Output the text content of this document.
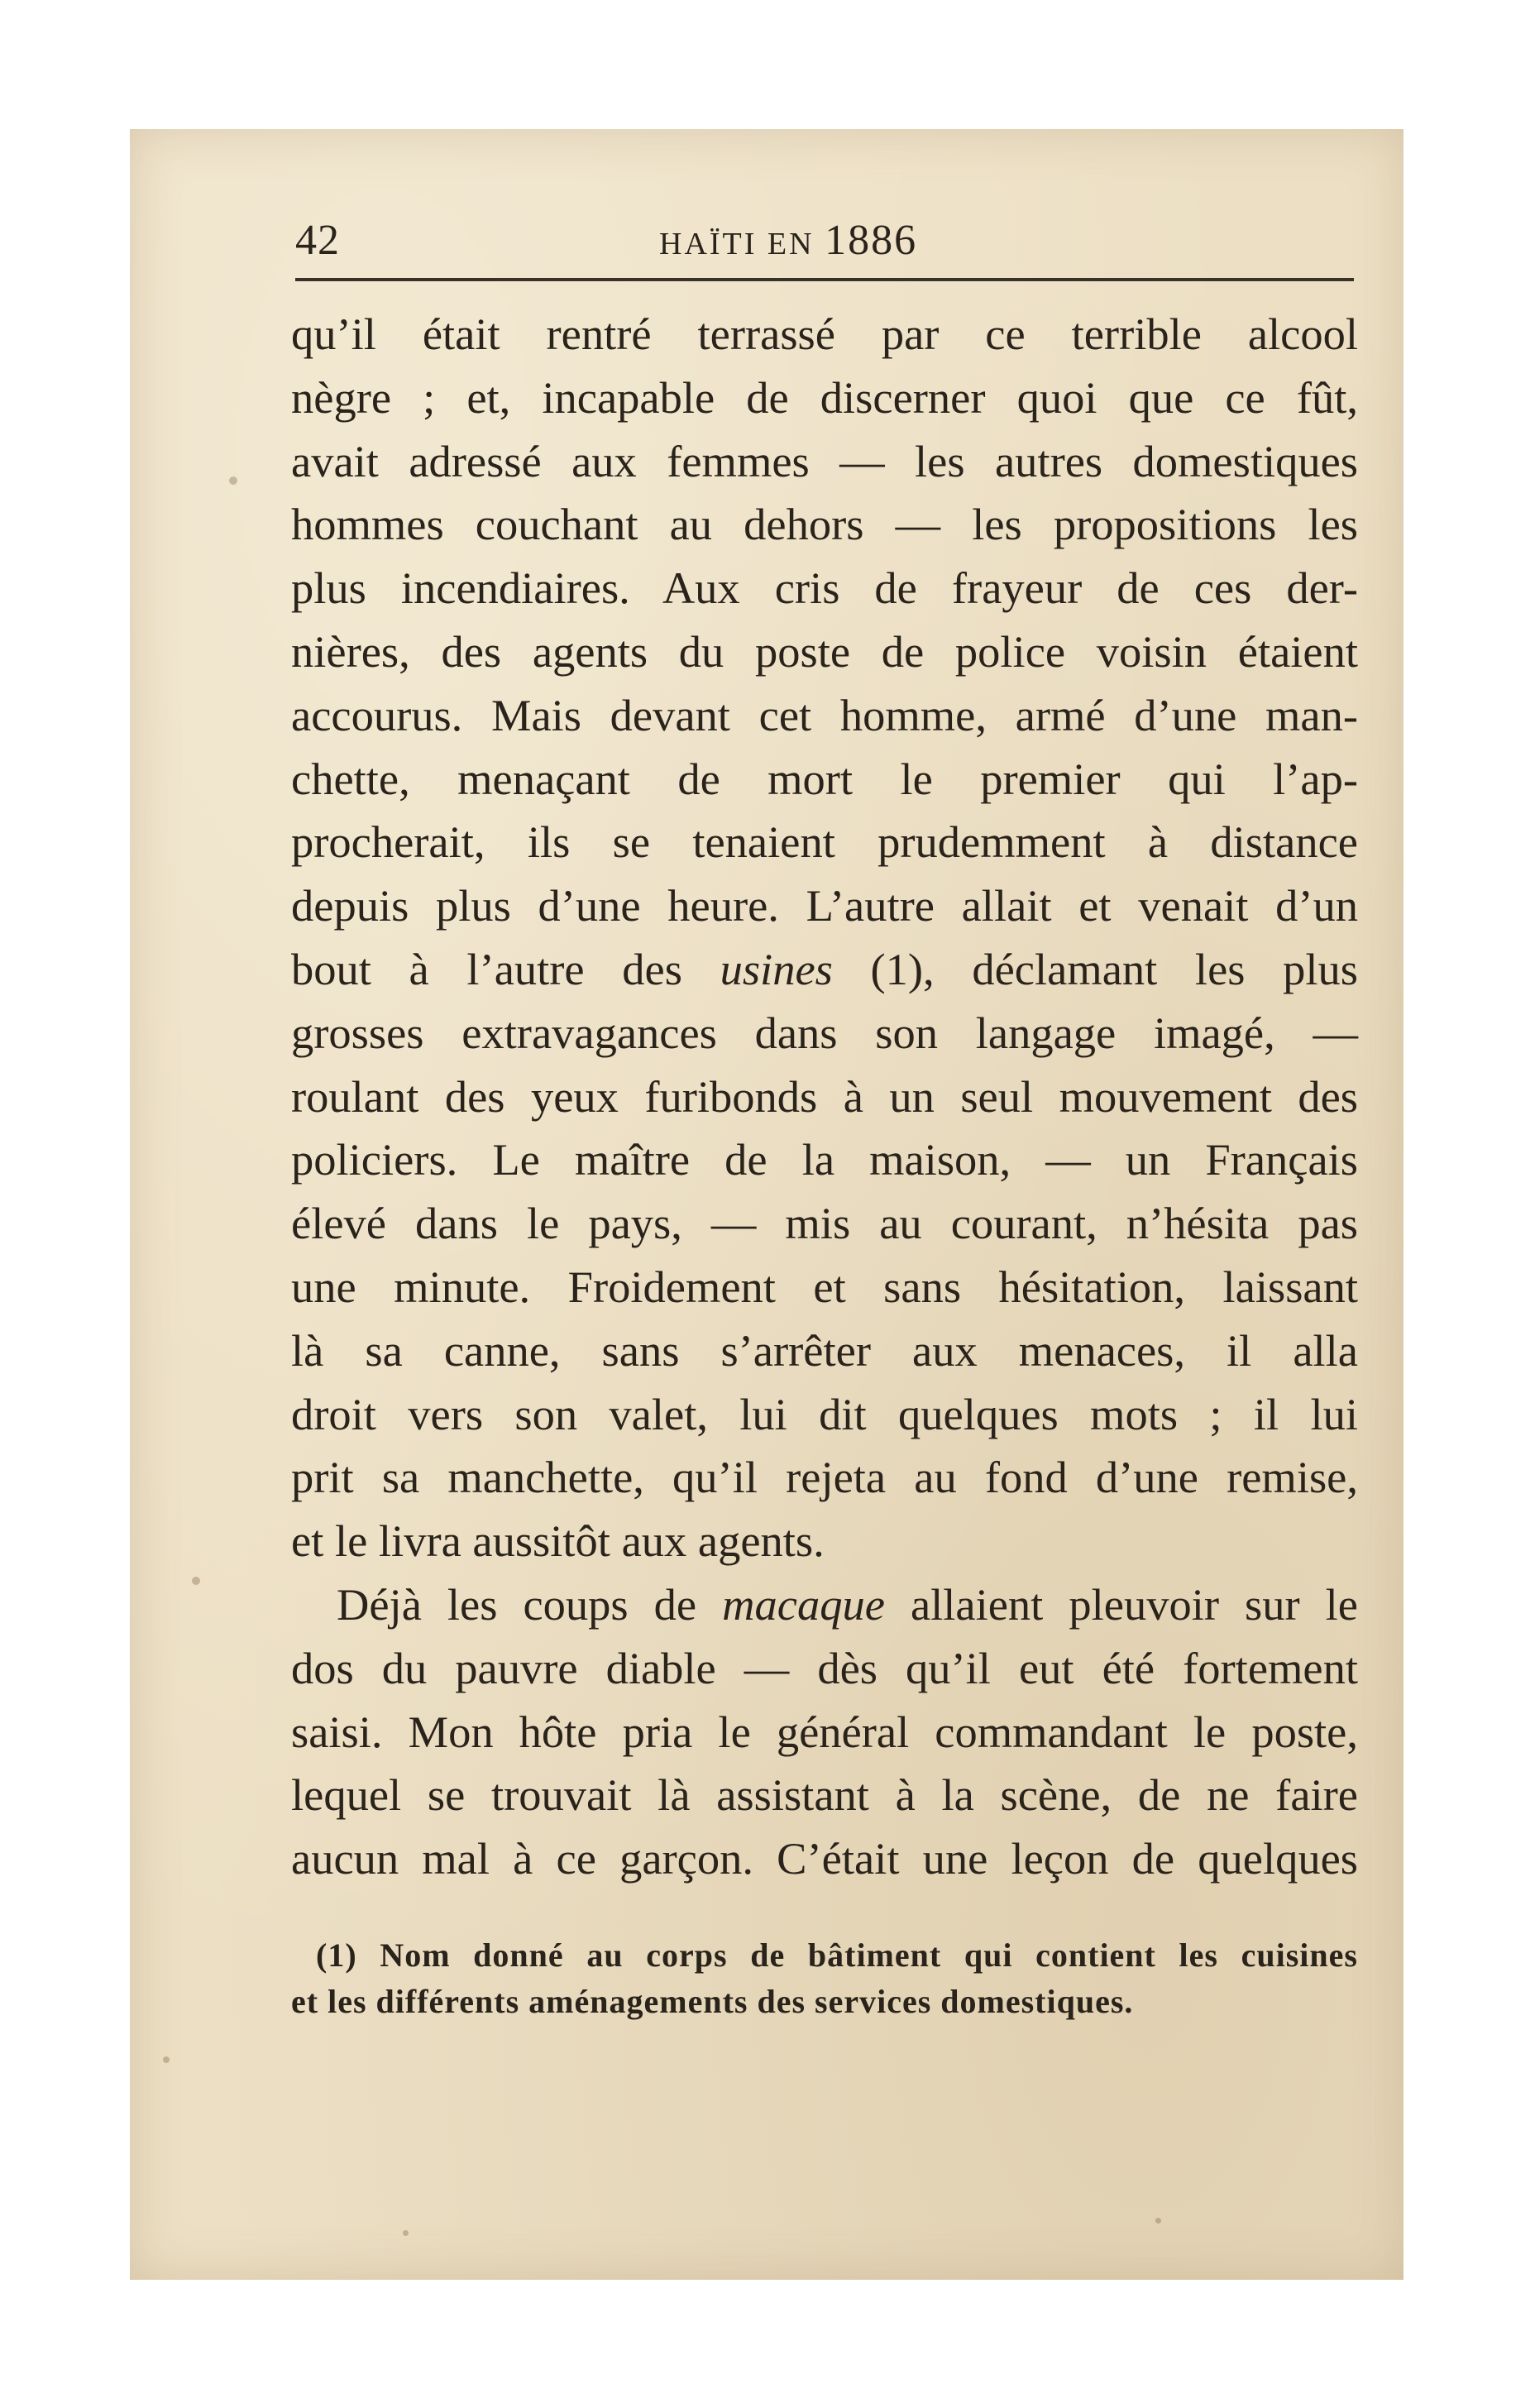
42	HAÏTI EN 1886
qu’il était rentré terrassé par ce terrible alcool
nègre ; et, incapable de discerner quoi que ce fût,
avait adressé aux femmes — les autres domestiques
hommes couchant au dehors — les propositions les
plus incendiaires. Aux cris de frayeur de ces der-
nières, des agents du poste de police voisin étaient
accourus. Mais devant cet homme, armé d’une man-
chette, menaçant de mort le premier qui l’ap-
procherait, ils se tenaient prudemment à distance
depuis plus d’une heure. L’autre allait et venait d’un
bout à l’autre des usines (1), déclamant les plus
grosses extravagances dans son langage imagé, —
roulant des yeux furibonds à un seul mouvement des
policiers. Le maître de la maison, — un Français
élevé dans le pays, — mis au courant, n’hésita pas
une minute. Froidement et sans hésitation, laissant
là sa canne, sans s’arrêter aux menaces, il alla
droit vers son valet, lui dit quelques mots ; il lui
prit sa manchette, qu’il rejeta au fond d’une remise,
et le livra aussitôt aux agents.
Déjà les coups de macaque allaient pleuvoir sur le
dos du pauvre diable — dès qu’il eut été fortement
saisi. Mon hôte pria le général commandant le poste,
lequel se trouvait là assistant à la scène, de ne faire
aucun mal à ce garçon. C’était une leçon de quelques
(1) Nom donné au corps de bâtiment qui contient les cuisines
et les différents aménagements des services domestiques.
